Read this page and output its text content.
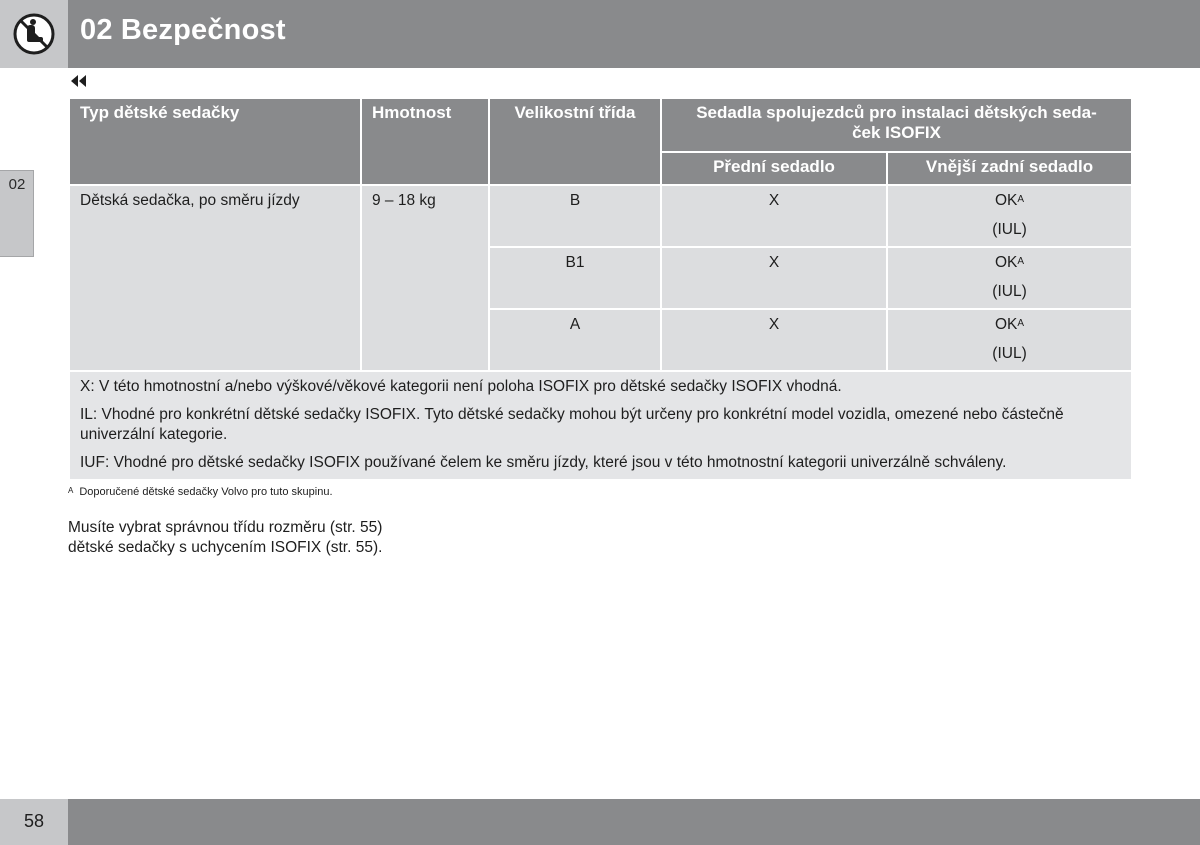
02 Bezpečnost
02
Typ dětské sedačky	Hmotnost	Velikostní třída	Sedadla spolujezdců pro instalaci dětských seda-
ček ISOFIX	
			Přední sedadlo	Vnější zadní sedadlo
Dětská sedačka, po směru jízdy	9 – 18 kg	B	X	$OK^A$
(IUL)

		B1	X	$OK^A$
(IUL)

		A	X	$OK^A$
(IUL)

X: V této hmotnostní a/nebo výškové/věkové kategorii není poloha ISOFIX pro dětské sedačky ISOFIX vhodná.

IL: Vhodné pro konkrétní dětské sedačky ISOFIX. Tyto dětské sedačky mohou být určeny pro konkrétní model vozidla, omezené nebo částečně univerzální kategorie.

IUF: Vhodné pro dětské sedačky ISOFIX používané čelem ke směru jízdy, které jsou v této hmotnostní kategorii univerzálně schváleny.				

$^A$ Doporučené dětské sedačky Volvo pro tuto skupinu.
Musíte vybrat správnou třídu rozměru (str. 55)
dětské sedačky s uchycením ISOFIX (str. 55).
58
